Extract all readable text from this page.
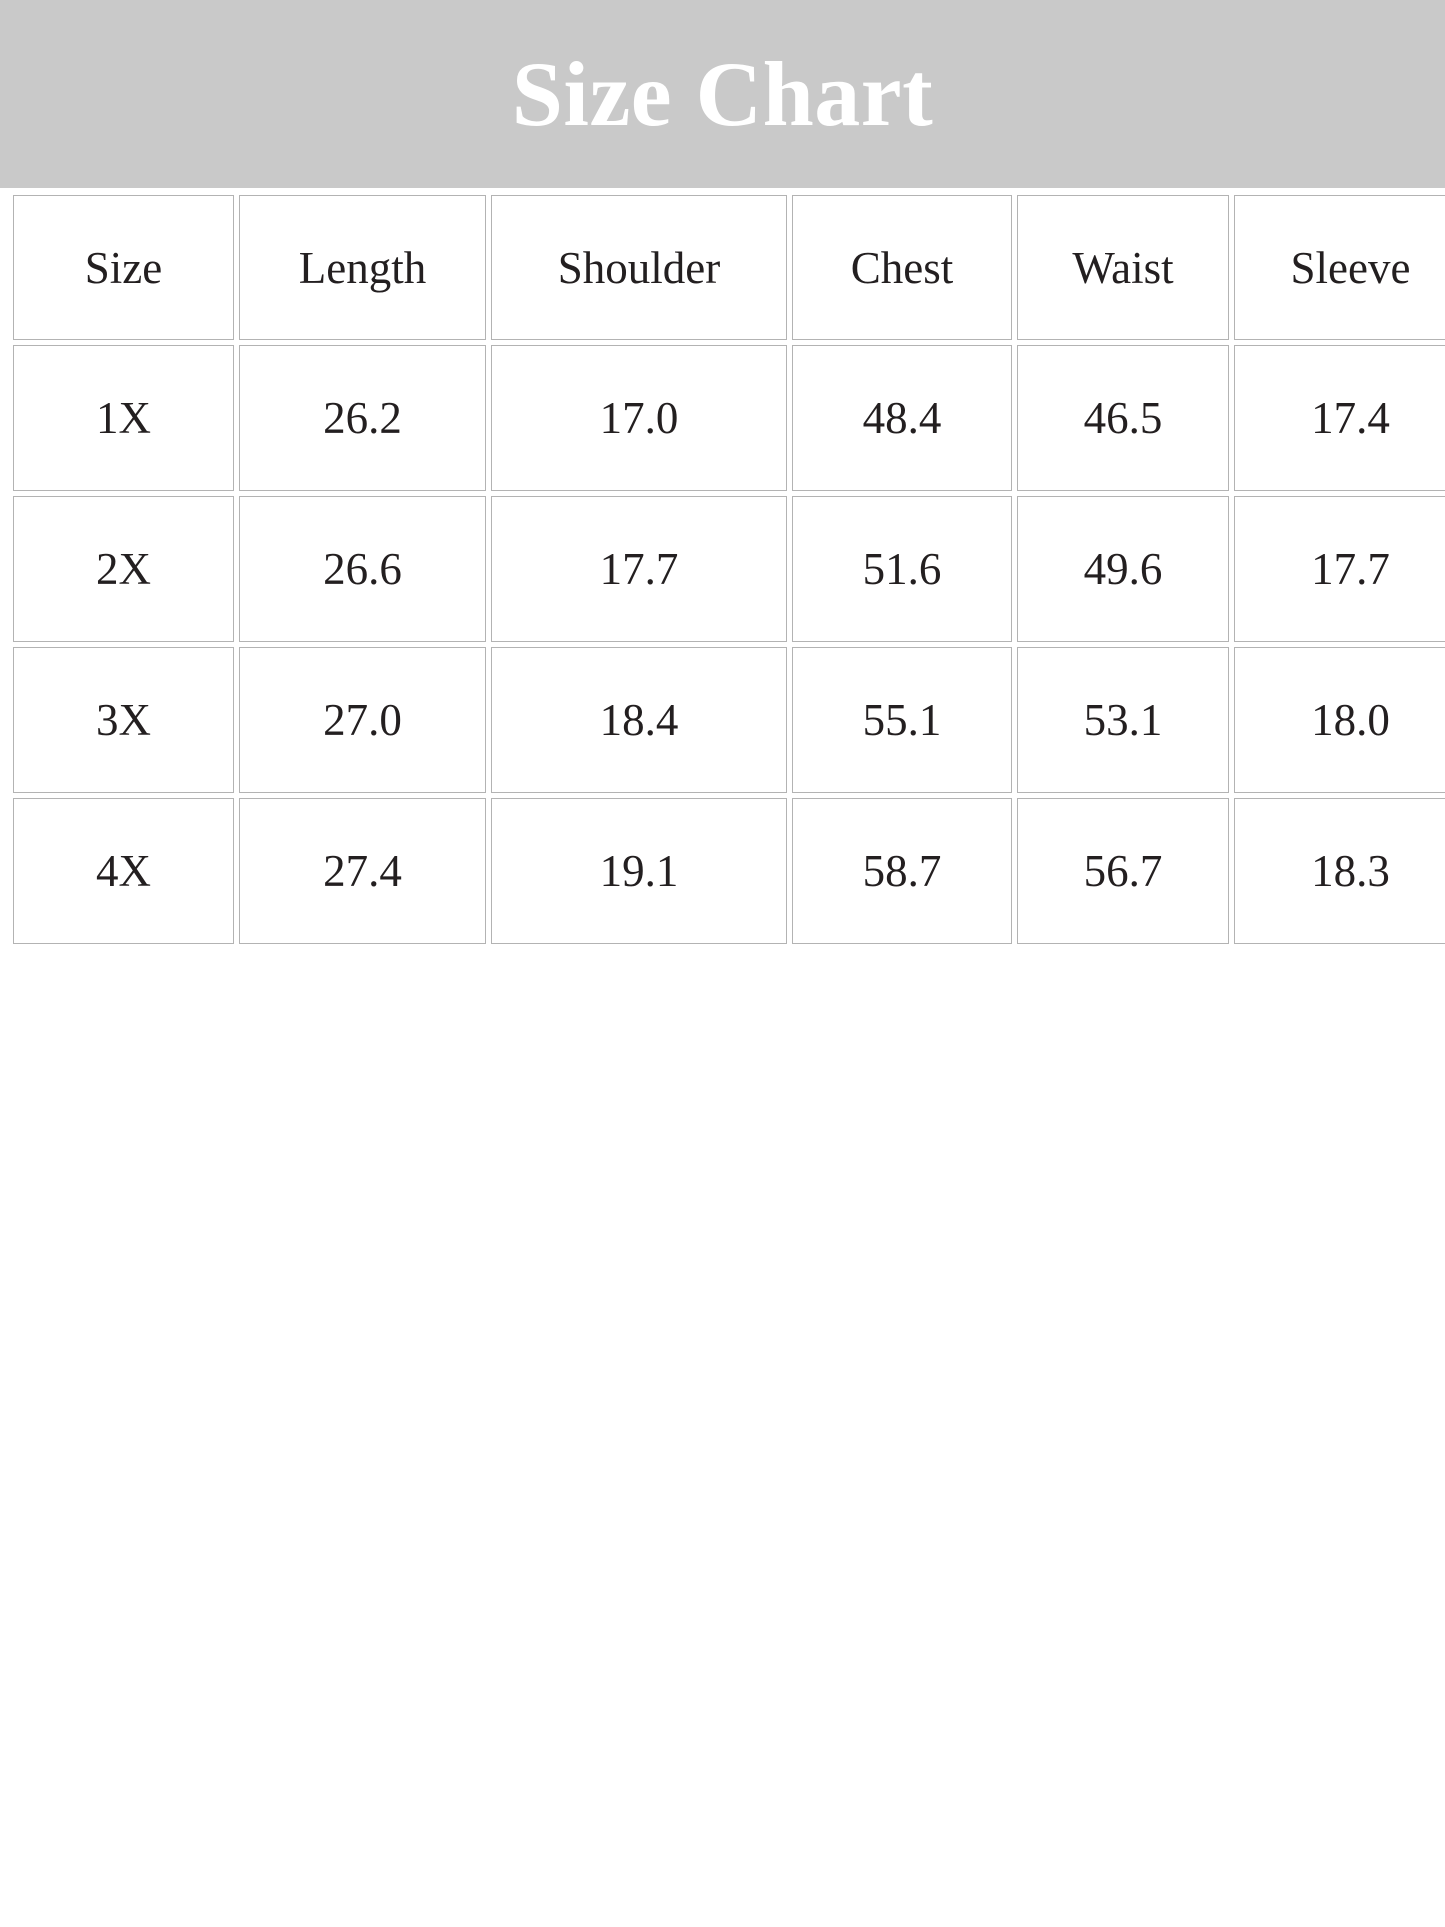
Size Chart
Size	Length	Shoulder	Chest	Waist	Sleeve
1X	26.2	17.0	48.4	46.5	17.4
2X	26.6	17.7	51.6	49.6	17.7
3X	27.0	18.4	55.1	53.1	18.0
4X	27.4	19.1	58.7	56.7	18.3
